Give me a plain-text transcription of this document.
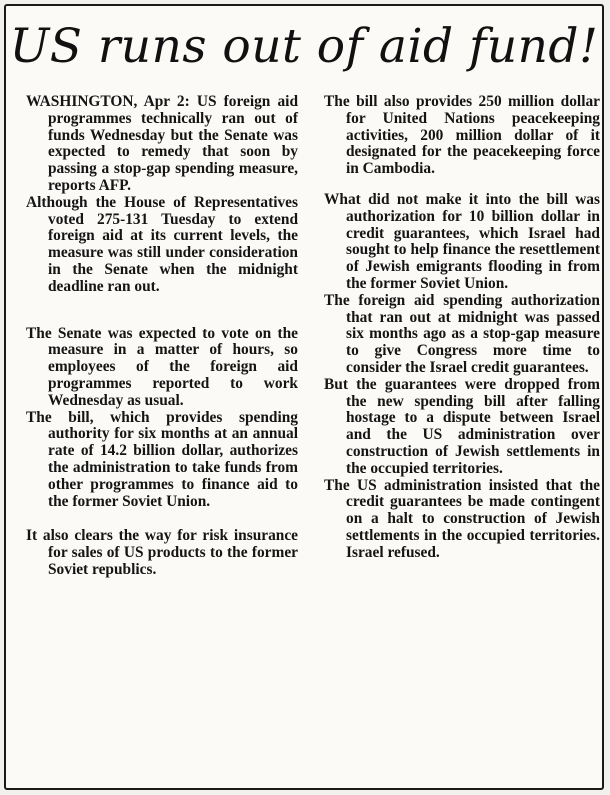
US runs out of aid fund!

WASHINGTON, Apr 2: US foreign aid programmes technically ran out of funds Wednesday but the Senate was expected to remedy that soon by passing a stop-gap spending measure, reports AFP.

Although the House of Representatives voted 275-131 Tuesday to extend foreign aid at its current levels, the measure was still under consideration in the Senate when the midnight deadline ran out.

The Senate was expected to vote on the measure in a matter of hours, so employees of the foreign aid programmes reported to work Wednesday as usual.

The bill, which provides spending authority for six months at an annual rate of 14.2 billion dollar, authorizes the administration to take funds from other programmes to finance aid to the former Soviet Union.

It also clears the way for risk insurance for sales of US products to the former Soviet republics.

The bill also provides 250 million dollar for United Nations peacekeeping activities, 200 million dollar of it designated for the peacekeeping force in Cambodia.

What did not make it into the bill was authorization for 10 billion dollar in credit guarantees, which Israel had sought to help finance the resettlement of Jewish emigrants flooding in from the former Soviet Union.

The foreign aid spending authorization that ran out at midnight was passed six months ago as a stop-gap measure to give Congress more time to consider the Israel credit guarantees.

But the guarantees were dropped from the new spending bill after falling hostage to a dispute between Israel and the US administration over construction of Jewish settlements in the occupied territories.

The US administration insisted that the credit guarantees be made contingent on a halt to construction of Jewish settlements in the occupied territories. Israel refused.
